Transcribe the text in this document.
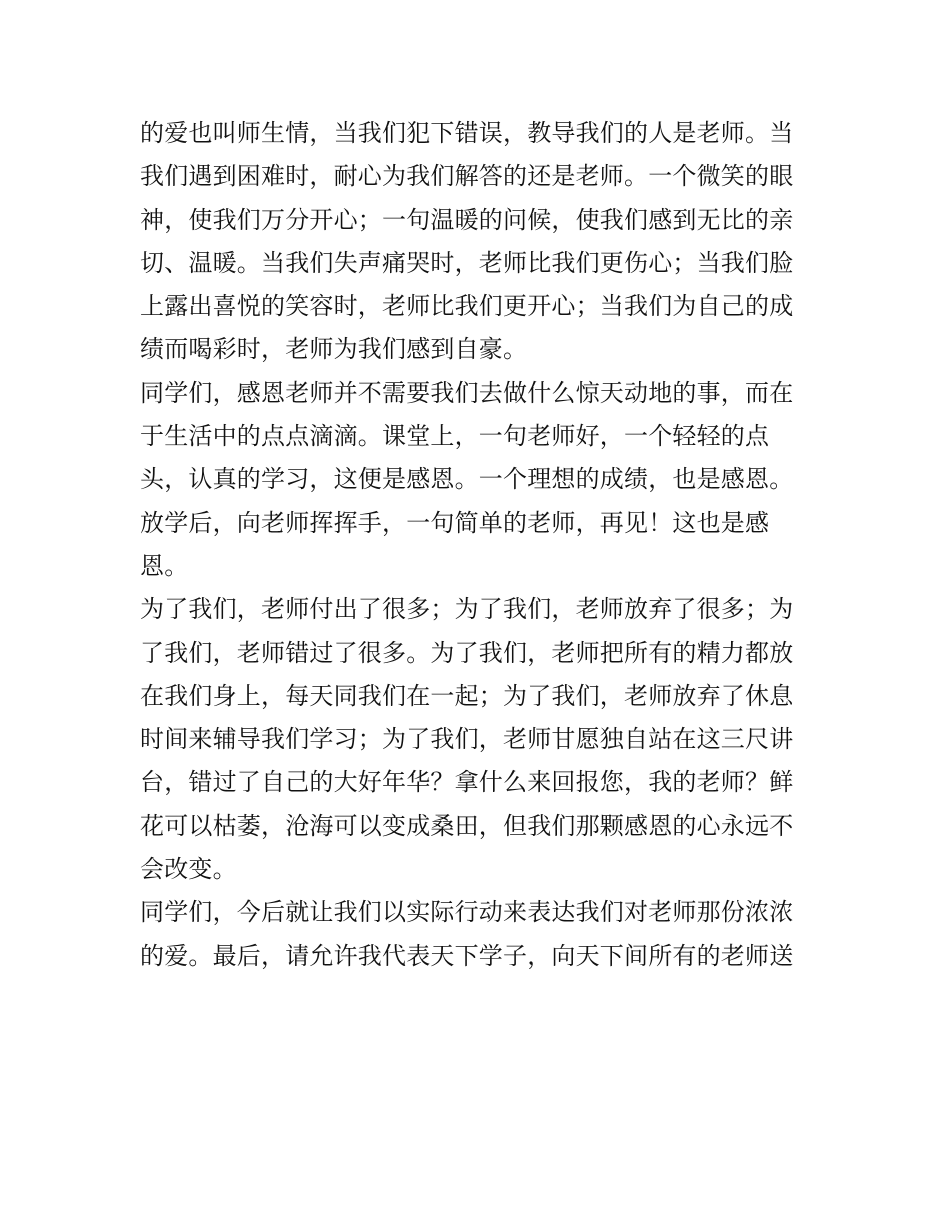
的爱也叫师生情，当我们犯下错误，教导我们的人是老师。当
我们遇到困难时，耐心为我们解答的还是老师。一个微笑的眼
神，使我们万分开心；一句温暖的问候，使我们感到无比的亲
切、温暖。当我们失声痛哭时，老师比我们更伤心；当我们脸
上露出喜悦的笑容时，老师比我们更开心；当我们为自己的成
绩而喝彩时，老师为我们感到自豪。
同学们，感恩老师并不需要我们去做什么惊天动地的事，而在
于生活中的点点滴滴。课堂上，一句老师好，一个轻轻的点
头，认真的学习，这便是感恩。一个理想的成绩，也是感恩。
放学后，向老师挥挥手，一句简单的老师，再见！这也是感
恩。
为了我们，老师付出了很多；为了我们，老师放弃了很多；为
了我们，老师错过了很多。为了我们，老师把所有的精力都放
在我们身上，每天同我们在一起；为了我们，老师放弃了休息
时间来辅导我们学习；为了我们，老师甘愿独自站在这三尺讲
台，错过了自己的大好年华？拿什么来回报您，我的老师？鲜
花可以枯萎，沧海可以变成桑田，但我们那颗感恩的心永远不
会改变。
同学们，今后就让我们以实际行动来表达我们对老师那份浓浓
的爱。最后，请允许我代表天下学子，向天下间所有的老师送
